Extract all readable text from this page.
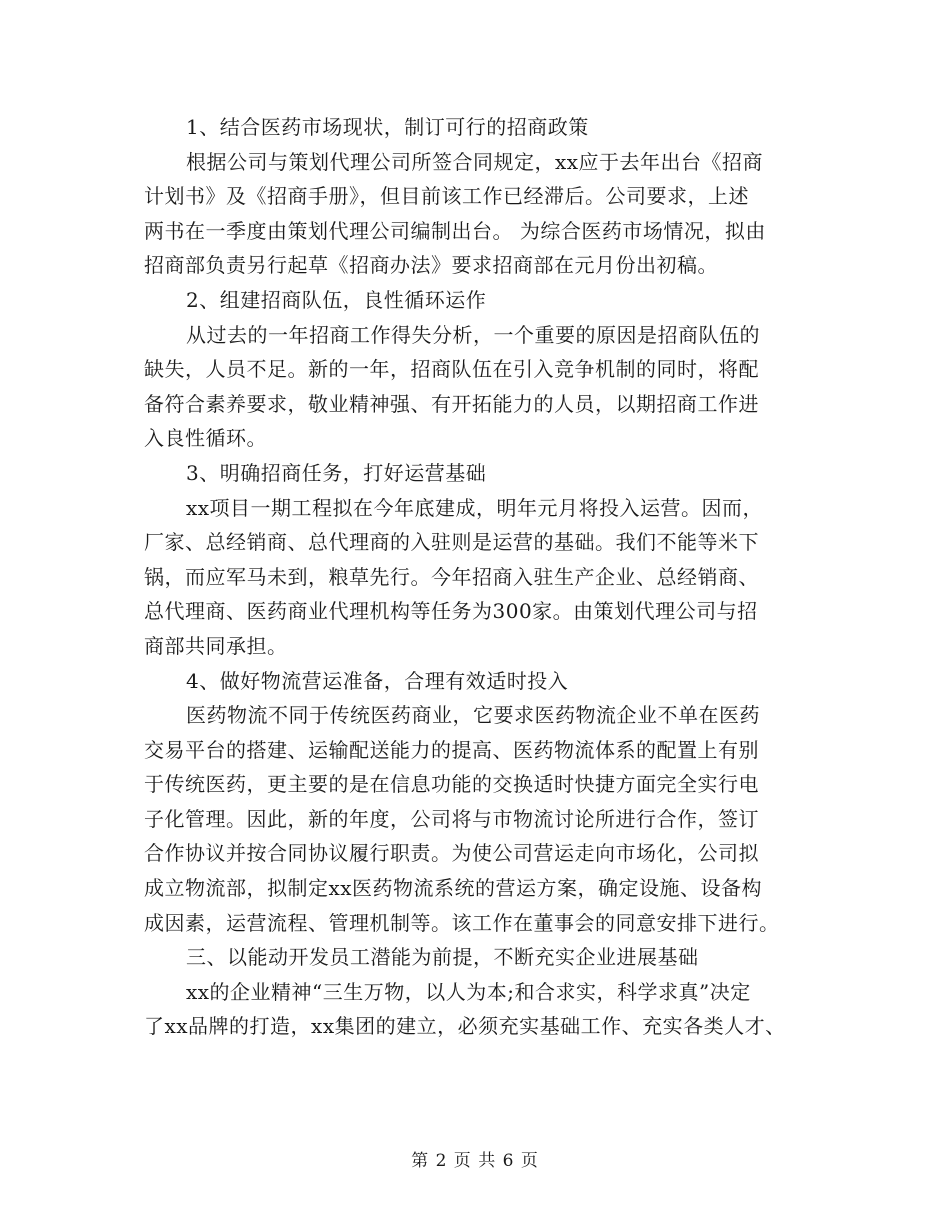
1、结合医药市场现状，制订可行的招商政策
根据公司与策划代理公司所签合同规定，xx应于去年出台《招商
计划书》及《招商手册》，但目前该工作已经滞后。公司要求，上述
两书在一季度由策划代理公司编制出台。 为综合医药市场情况，拟由
招商部负责另行起草《招商办法》要求招商部在元月份出初稿。
2、组建招商队伍，良性循环运作
从过去的一年招商工作得失分析，一个重要的原因是招商队伍的
缺失，人员不足。新的一年，招商队伍在引入竞争机制的同时，将配
备符合素养要求，敬业精神强、有开拓能力的人员，以期招商工作进
入良性循环。
3、明确招商任务，打好运营基础
xx项目一期工程拟在今年底建成，明年元月将投入运营。因而，
厂家、总经销商、总代理商的入驻则是运营的基础。我们不能等米下
锅，而应军马未到，粮草先行。今年招商入驻生产企业、总经销商、
总代理商、医药商业代理机构等任务为300家。由策划代理公司与招
商部共同承担。
4、做好物流营运准备，合理有效适时投入
医药物流不同于传统医药商业，它要求医药物流企业不单在医药
交易平台的搭建、运输配送能力的提高、医药物流体系的配置上有别
于传统医药，更主要的是在信息功能的交换适时快捷方面完全实行电
子化管理。因此，新的年度，公司将与市物流讨论所进行合作，签订
合作协议并按合同协议履行职责。为使公司营运走向市场化，公司拟
成立物流部，拟制定xx医药物流系统的营运方案，确定设施、设备构
成因素，运营流程、管理机制等。该工作在董事会的同意安排下进行。
三、以能动开发员工潜能为前提，不断充实企业进展基础
xx的企业精神“三生万物，以人为本;和合求实，科学求真”决定
了xx品牌的打造，xx集团的建立，必须充实基础工作、充实各类人才、
第 2 页 共 6 页
